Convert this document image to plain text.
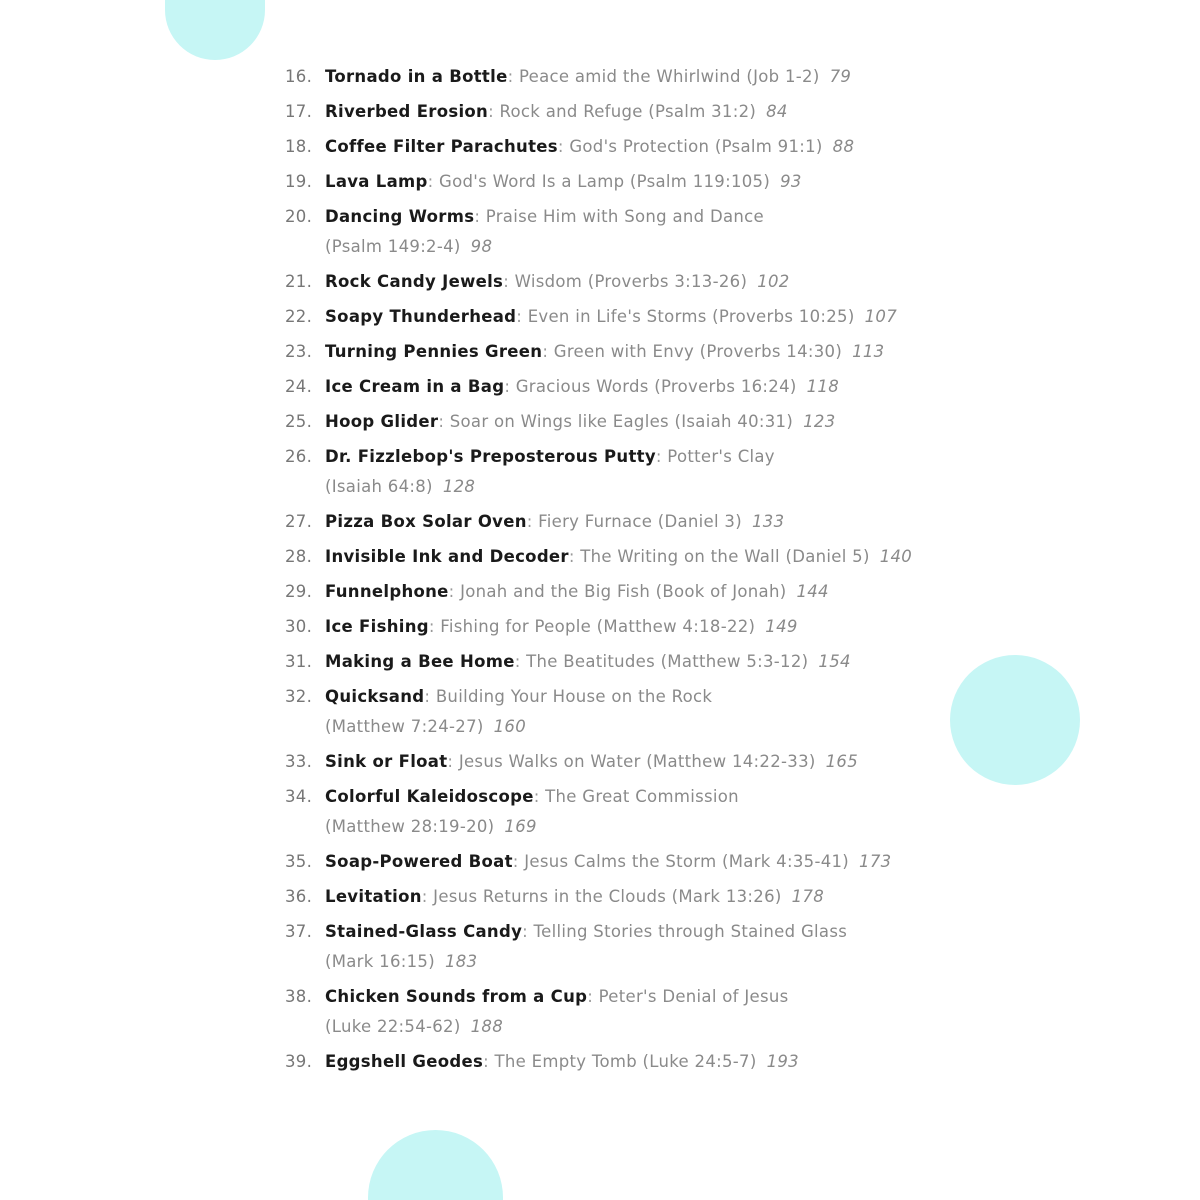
16. Tornado in a Bottle: Peace amid the Whirlwind (Job 1-2) 79
17. Riverbed Erosion: Rock and Refuge (Psalm 31:2) 84
18. Coffee Filter Parachutes: God's Protection (Psalm 91:1) 88
19. Lava Lamp: God's Word Is a Lamp (Psalm 119:105) 93
20. Dancing Worms: Praise Him with Song and Dance
(Psalm 149:2-4) 98
21. Rock Candy Jewels: Wisdom (Proverbs 3:13-26) 102
22. Soapy Thunderhead: Even in Life's Storms (Proverbs 10:25) 107
23. Turning Pennies Green: Green with Envy (Proverbs 14:30) 113
24. Ice Cream in a Bag: Gracious Words (Proverbs 16:24) 118
25. Hoop Glider: Soar on Wings like Eagles (Isaiah 40:31) 123
26. Dr. Fizzlebop's Preposterous Putty: Potter's Clay
(Isaiah 64:8) 128
27. Pizza Box Solar Oven: Fiery Furnace (Daniel 3) 133
28. Invisible Ink and Decoder: The Writing on the Wall (Daniel 5) 140
29. Funnelphone: Jonah and the Big Fish (Book of Jonah) 144
30. Ice Fishing: Fishing for People (Matthew 4:18-22) 149
31. Making a Bee Home: The Beatitudes (Matthew 5:3-12) 154
32. Quicksand: Building Your House on the Rock
(Matthew 7:24-27) 160
33. Sink or Float: Jesus Walks on Water (Matthew 14:22-33) 165
34. Colorful Kaleidoscope: The Great Commission
(Matthew 28:19-20) 169
35. Soap-Powered Boat: Jesus Calms the Storm (Mark 4:35-41) 173
36. Levitation: Jesus Returns in the Clouds (Mark 13:26) 178
37. Stained-Glass Candy: Telling Stories through Stained Glass
(Mark 16:15) 183
38. Chicken Sounds from a Cup: Peter's Denial of Jesus
(Luke 22:54-62) 188
39. Eggshell Geodes: The Empty Tomb (Luke 24:5-7) 193
